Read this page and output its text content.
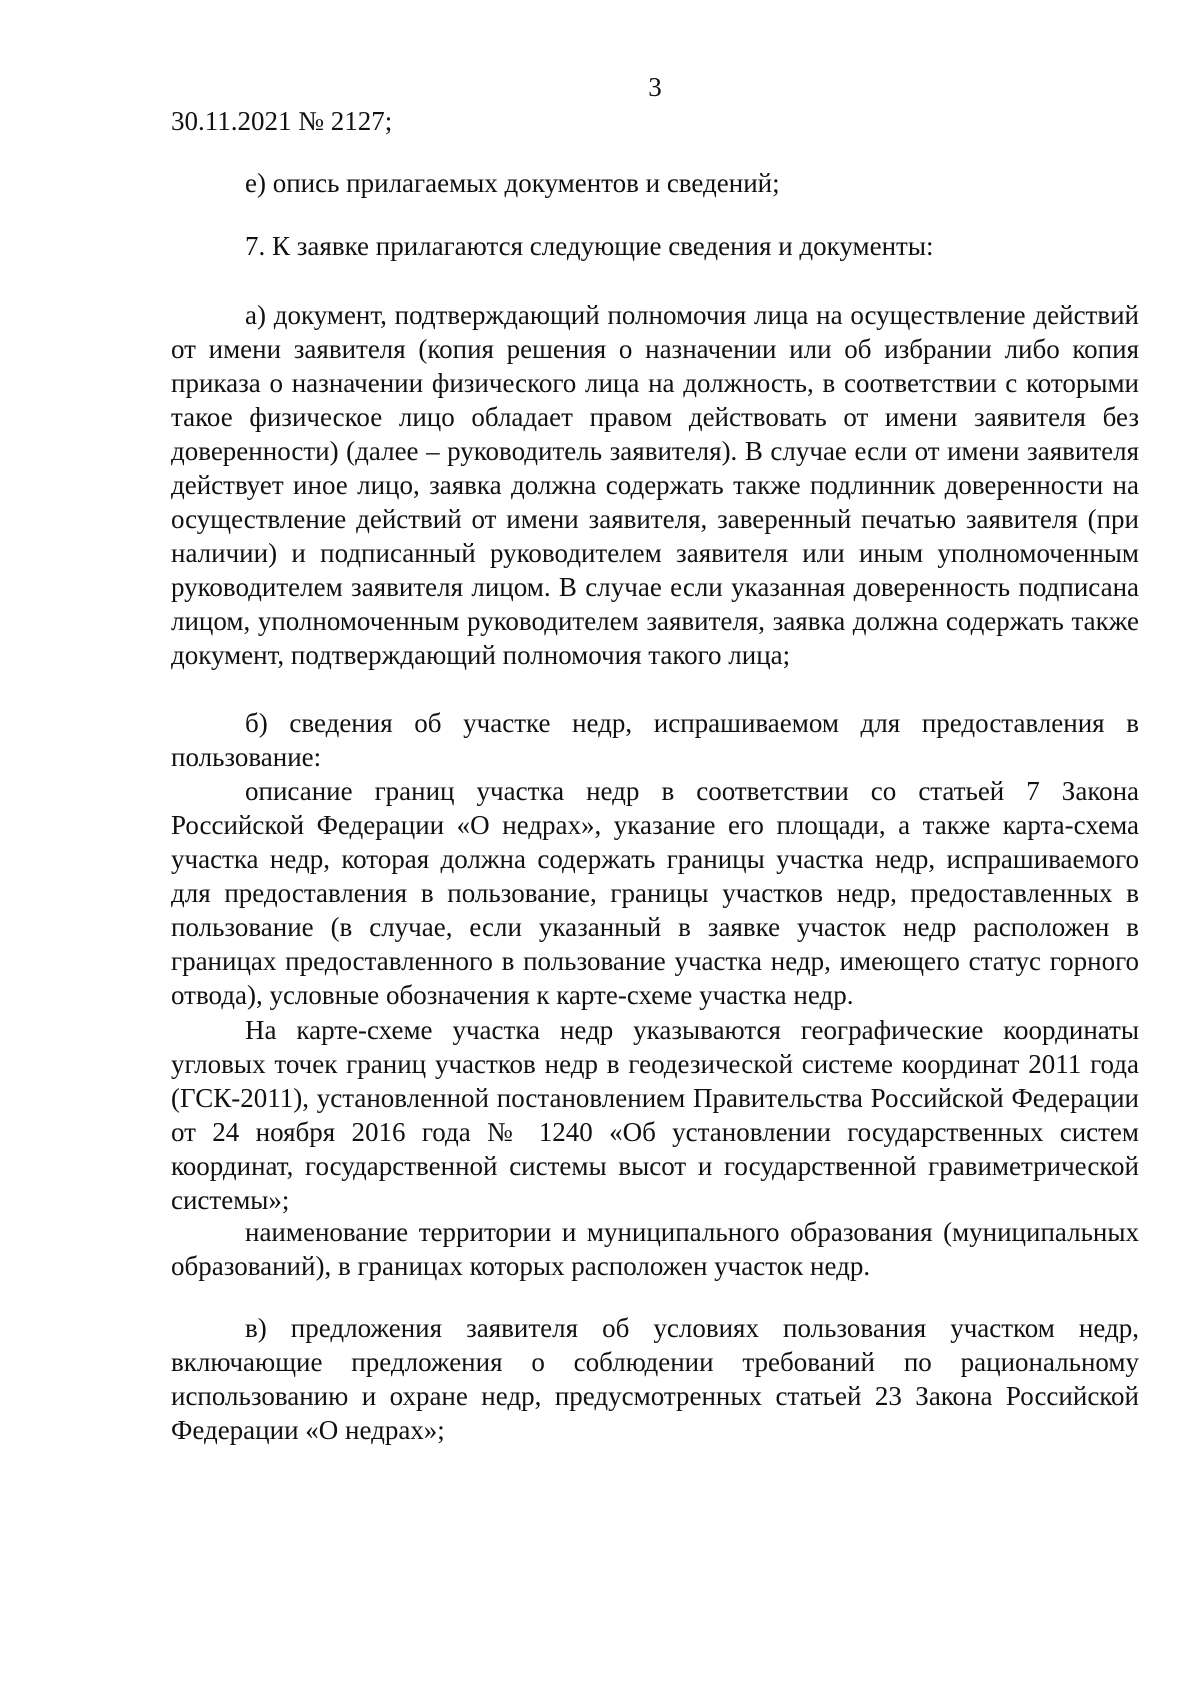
3

30.11.2021 № 2127;

е) опись прилагаемых документов и сведений;

7. К заявке прилагаются следующие сведения и документы:

а) документ, подтверждающий полномочия лица на осуществление действий от имени заявителя (копия решения о назначении или об избрании либо копия приказа о назначении физического лица на должность, в соответствии с которыми такое физическое лицо обладает правом действовать от имени заявителя без доверенности) (далее – руководитель заявителя). В случае если от имени заявителя действует иное лицо, заявка должна содержать также подлинник доверенности на осуществление действий от имени заявителя, заверенный печатью заявителя (при наличии) и подписанный руководителем заявителя или иным уполномоченным руководителем заявителя лицом. В случае если указанная доверенность подписана лицом, уполномоченным руководителем заявителя, заявка должна содержать также документ, подтверждающий полномочия такого лица;

б) сведения об участке недр, испрашиваемом для предоставления в пользование:

описание границ участка недр в соответствии со статьей 7 Закона Российской Федерации «О недрах», указание его площади, а также карта-схема участка недр, которая должна содержать границы участка недр, испрашиваемого для предоставления в пользование, границы участков недр, предоставленных в пользование (в случае, если указанный в заявке участок недр расположен в границах предоставленного в пользование участка недр, имеющего статус горного отвода), условные обозначения к карте-схеме участка недр.

На карте-схеме участка недр указываются географические координаты угловых точек границ участков недр в геодезической системе координат 2011 года (ГСК-2011), установленной постановлением Правительства Российской Федерации от 24 ноября 2016 года № 1240 «Об установлении государственных систем координат, государственной системы высот и государственной гравиметрической системы»;

наименование территории и муниципального образования (муниципальных образований), в границах которых расположен участок недр.

в) предложения заявителя об условиях пользования участком недр, включающие предложения о соблюдении требований по рациональному использованию и охране недр, предусмотренных статьей 23 Закона Российской Федерации «О недрах»;
